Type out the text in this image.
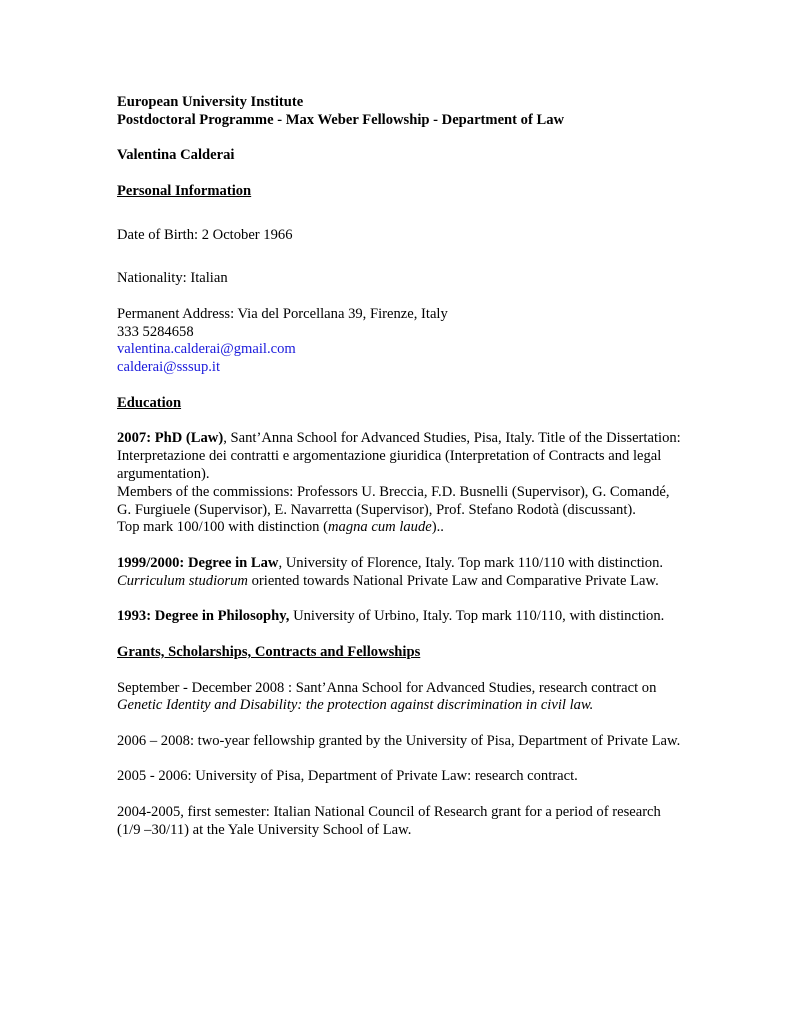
European University Institute

Postdoctoral Programme - Max Weber Fellowship - Department of Law

Valentina Calderai

Personal Information

Date of Birth: 2 October 1966

Nationality: Italian

Permanent Address: Via del Porcellana 39, Firenze, Italy

333 5284658

valentina.calderai@gmail.com
calderai@sssup.it

Education

2007: PhD (Law), Sant’Anna School for Advanced Studies, Pisa, Italy. Title of the Dissertation: Interpretazione dei contratti e argomentazione giuridica (Interpretation of Contracts and legal argumentation).

Members of the commissions: Professors U. Breccia, F.D. Busnelli (Supervisor), G. Comandé, G. Furgiuele (Supervisor), E. Navarretta (Supervisor), Prof. Stefano Rodotà (discussant).

Top mark 100/100 with distinction (magna cum laude)..

1999/2000: Degree in Law, University of Florence, Italy. Top mark 110/110 with distinction. Curriculum studiorum oriented towards National Private Law and Comparative Private Law.

1993: Degree in Philosophy, University of Urbino, Italy. Top mark 110/110, with distinction.

Grants, Scholarships, Contracts and Fellowships

September - December 2008 : Sant’Anna School for Advanced Studies, research contract on Genetic Identity and Disability: the protection against discrimination in civil law.

2006 – 2008: two-year fellowship granted by the University of Pisa, Department of Private Law.

2005 - 2006: University of Pisa, Department of Private Law: research contract.

2004-2005, first semester: Italian National Council of Research grant for a period of research (1/9 –30/11) at the Yale University School of Law.
